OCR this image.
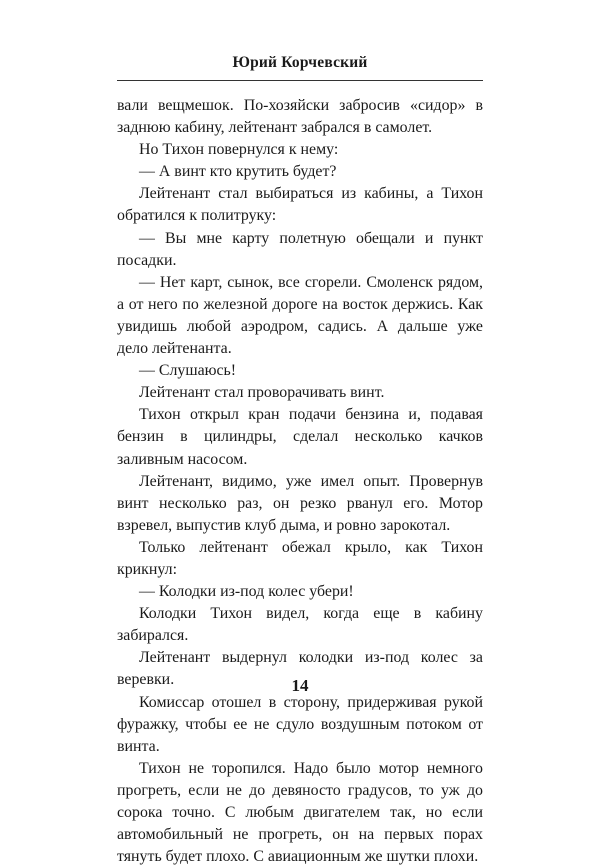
Юрий Корчевский

вали вещмешок. По-хозяйски забросив «сидор» в заднюю кабину, лейтенант забрался в самолет.

Но Тихон повернулся к нему:

— А винт кто крутить будет?

Лейтенант стал выбираться из кабины, а Тихон обратился к политруку:

— Вы мне карту полетную обещали и пункт посадки.

— Нет карт, сынок, все сгорели. Смоленск рядом, а от него по железной дороге на восток держись. Как увидишь любой аэродром, садись. А дальше уже дело лейтенанта.

— Слушаюсь!

Лейтенант стал проворачивать винт.

Тихон открыл кран подачи бензина и, подавая бензин в цилиндры, сделал несколько качков заливным насосом.

Лейтенант, видимо, уже имел опыт. Провернув винт несколько раз, он резко рванул его. Мотор взревел, выпустив клуб дыма, и ровно зарокотал.

Только лейтенант обежал крыло, как Тихон крикнул:

— Колодки из-под колес убери!

Колодки Тихон видел, когда еще в кабину забирался.

Лейтенант выдернул колодки из-под колес за веревки.

Комиссар отошел в сторону, придерживая рукой фуражку, чтобы ее не сдуло воздушным потоком от винта.

Тихон не торопился. Надо было мотор немного прогреть, если не до девяносто градусов, то уж до сорока точно. С любым двигателем так, но если автомобильный не прогреть, он на первых порах тянуть будет плохо. С авиационным же шутки плохи.

14
